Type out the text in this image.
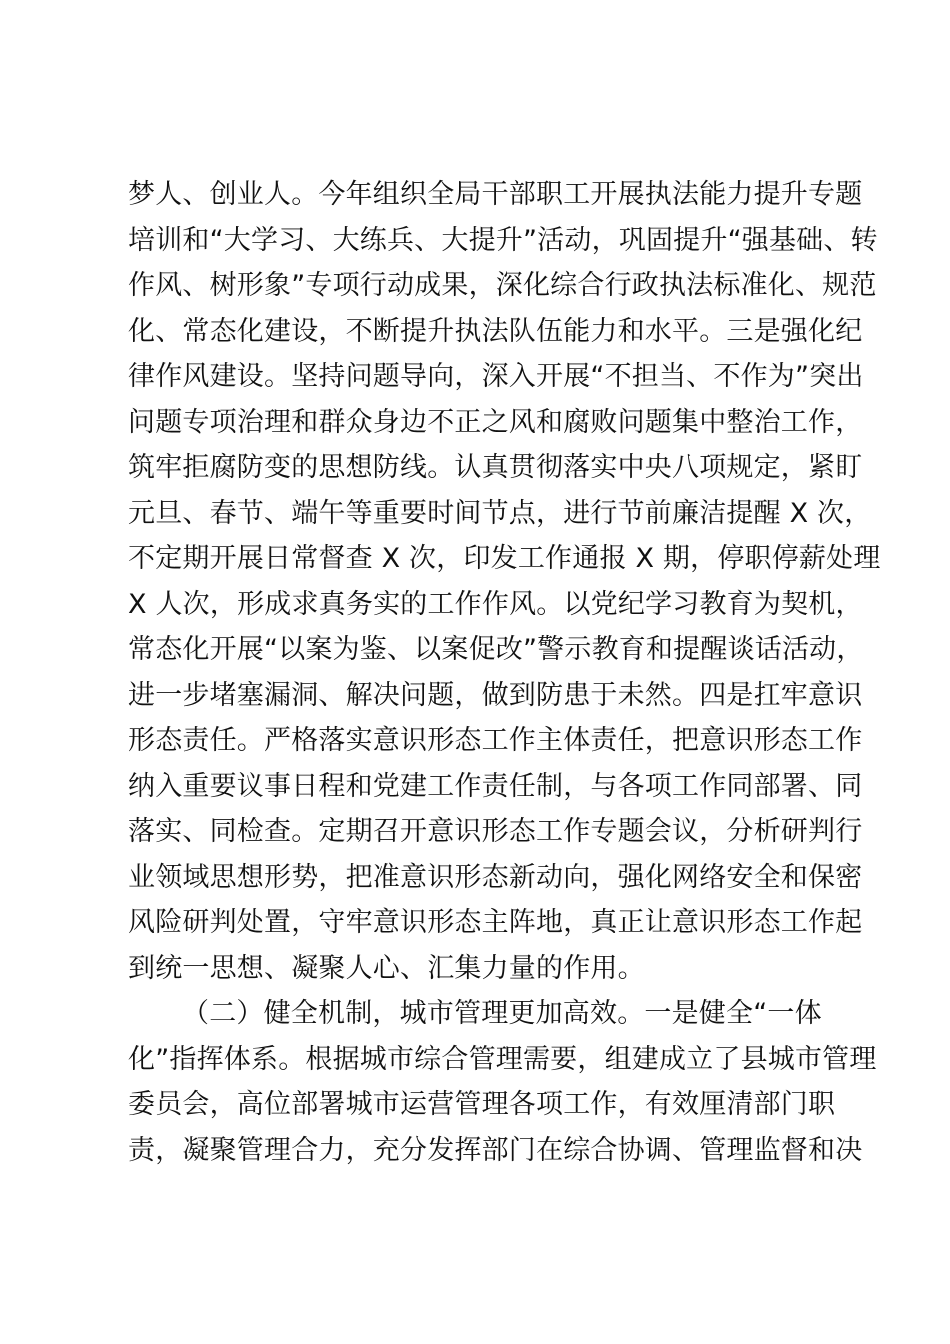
梦人、创业人。今年组织全局干部职工开展执法能力提升专题
培训和“大学习、大练兵、大提升”活动，巩固提升“强基础、转
作风、树形象”专项行动成果，深化综合行政执法标准化、规范
化、常态化建设，不断提升执法队伍能力和水平。三是强化纪
律作风建设。坚持问题导向，深入开展“不担当、不作为”突出
问题专项治理和群众身边不正之风和腐败问题集中整治工作，
筑牢拒腐防变的思想防线。认真贯彻落实中央八项规定，紧盯
元旦、春节、端午等重要时间节点，进行节前廉洁提醒 X 次，
不定期开展日常督查 X 次，印发工作通报 X 期，停职停薪处理
X 人次，形成求真务实的工作作风。以党纪学习教育为契机，
常态化开展“以案为鉴、以案促改”警示教育和提醒谈话活动，
进一步堵塞漏洞、解决问题，做到防患于未然。四是扛牢意识
形态责任。严格落实意识形态工作主体责任，把意识形态工作
纳入重要议事日程和党建工作责任制，与各项工作同部署、同
落实、同检查。定期召开意识形态工作专题会议，分析研判行
业领域思想形势，把准意识形态新动向，强化网络安全和保密
风险研判处置，守牢意识形态主阵地，真正让意识形态工作起
到统一思想、凝聚人心、汇集力量的作用。
（二）健全机制，城市管理更加高效。一是健全“一体
化”指挥体系。根据城市综合管理需要，组建成立了县城市管理
委员会，高位部署城市运营管理各项工作，有效厘清部门职
责，凝聚管理合力，充分发挥部门在综合协调、管理监督和决
